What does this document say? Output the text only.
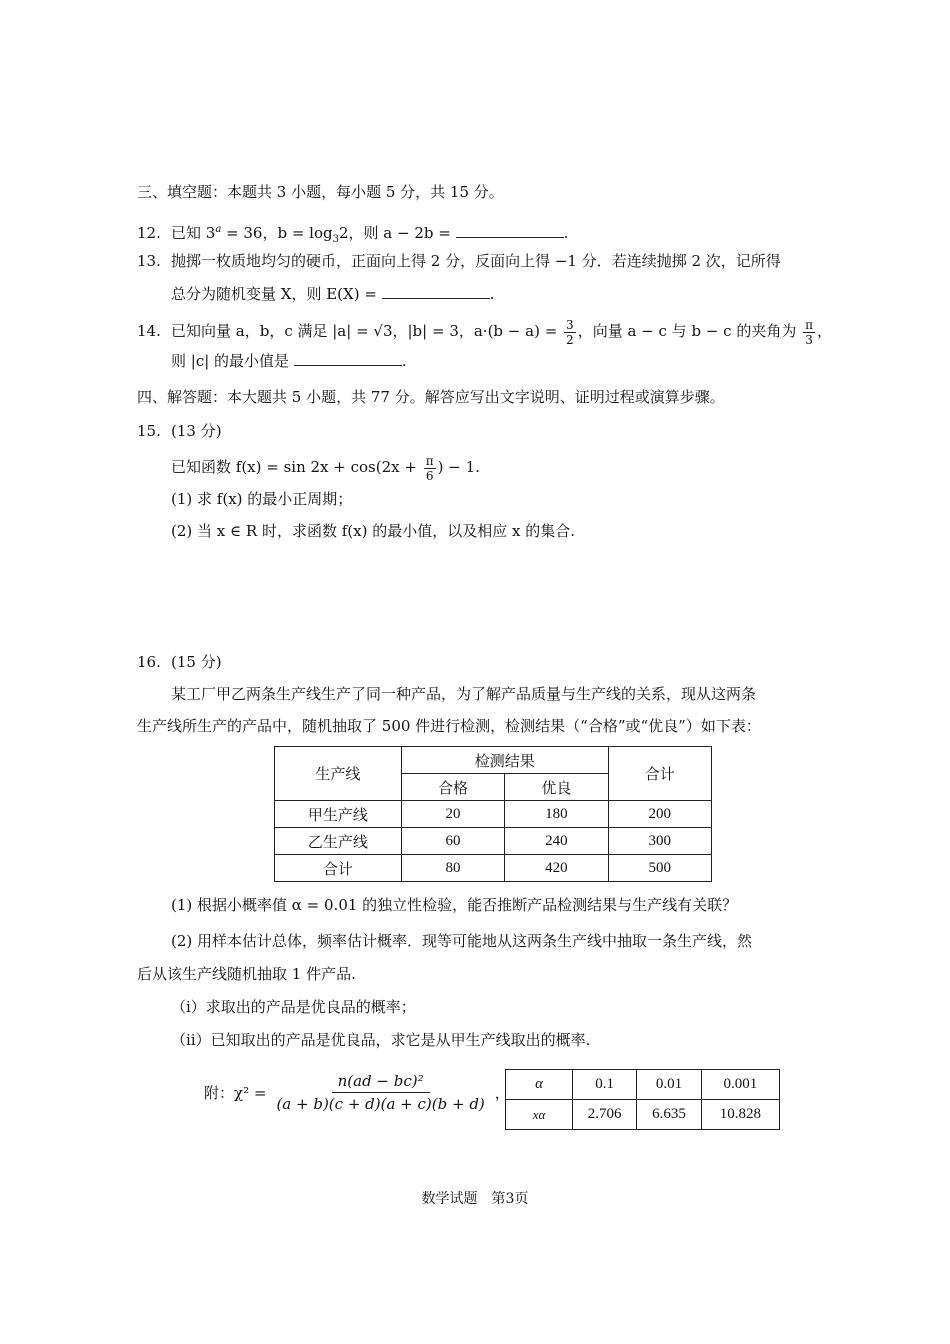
三、填空题：本题共 3 小题，每小题 5 分，共 15 分。
12. 已知 $3^a = 36$，$b = \log_32$，则 a − 2b =	.
13. 抛掷一枚质地均匀的硬币，正面向上得 2 分，反面向上得 −1 分．若连续抛掷 2 次，记所得
总分为随机变量 X，则 E(X) =	.
14. 已知向量 a，b，c 满足 |a| = √3，|b| = 3，$a\cdot(b - a) = \frac{3}{2}$ ，向量 a − c 与 b − c 的夹角为 $\frac{\pi}{3}$ ，
则 |c| 的最小值是	.
四、解答题：本大题共 5 小题，共 77 分。解答应写出文字说明、证明过程或演算步骤。
15. (13 分)
已知函数 $f(x) = \sin 2x + \cos(2x + \frac{\pi}{6}$ ) − 1.
(1) 求 f(x) 的最小正周期；
(2) 当 x ∈ R 时，求函数 f(x) 的最小值，以及相应 x 的集合.
16. (15 分)
某工厂甲乙两条生产线生产了同一种产品，为了解产品质量与生产线的关系，现从这两条
生产线所生产的产品中，随机抽取了 500 件进行检测，检测结果（“合格”或“优良”）如下表：
生产线	检测结果		合计
	合格	优良	
甲生产线	20	180	200
乙生产线	60	240	300
合计	80	420	500
(1) 根据小概率值 α = 0.01 的独立性检验，能否推断产品检测结果与生产线有关联？
(2) 用样本估计总体，频率估计概率．现等可能地从这两条生产线中抽取一条生产线，然
后从该生产线随机抽取 1 件产品.
（ⅰ）求取出的产品是优良品的概率；
（ⅱ）已知取出的产品是优良品，求它是从甲生产线取出的概率.
附：$\chi^2 = \frac{\text{n(ad − bc)²}}{(a + b)(c + d)(a + c)(b + d)}$ ， α	0.1	0.01	0.001
xα	2.706	6.635	10.828
数学试题　第3页
